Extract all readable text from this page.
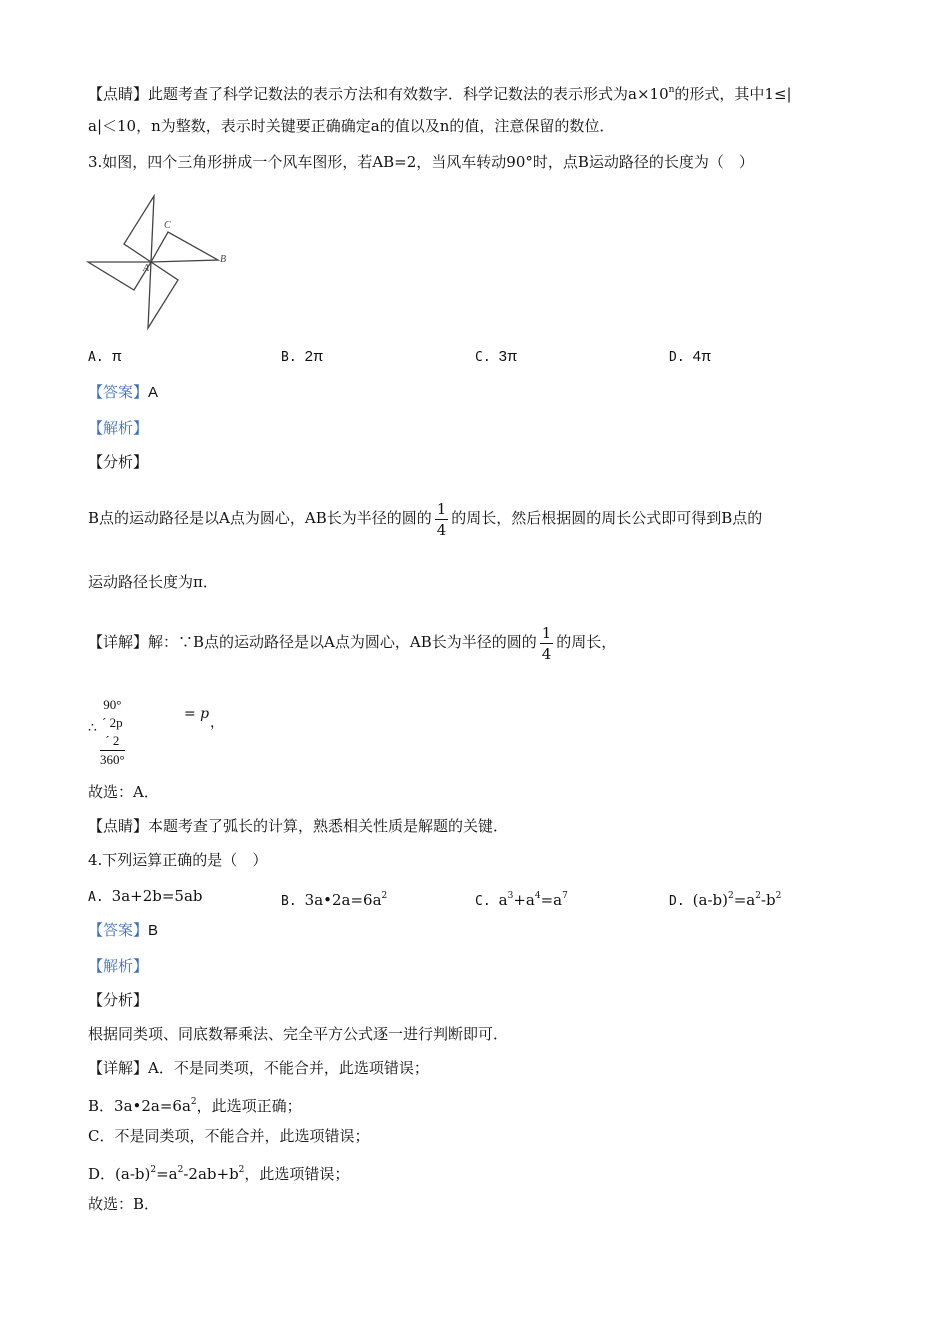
【点睛】此题考查了科学记数法的表示方法和有效数字．科学记数法的表示形式为$a\times 10^n$的形式，其中1≤|
a|＜10，n为整数，表示时关键要正确确定a的值以及n的值，注意保留的数位．
3.如图，四个三角形拼成一个风车图形，若AB=2，当风车转动90°时，点B运动路径的长度为（　）
A
B
C
A. π	B. 2π	C. 3π	D. 4π
【答案】A
【解析】
【分析】
B点的运动路径是以A点为圆心，AB长为半径的圆的 $\frac{1}{4}$ 的周长，然后根据圆的周长公式即可得到B点的
运动路径长度为π．
【详解】解：∵B点的运动路径是以A点为圆心，AB长为半径的圆的 $\frac{1}{4}$ 的周长，
∴ $\frac{90^\circ´ 2p´ 2}{360^\circ}$	= p
，
故选：A．
【点睛】本题考查了弧长的计算，熟悉相关性质是解题的关键．
4.下列运算正确的是（　）
A. 3a+2b=5ab	B. $3a•2a=6a^2$	C. $a^3+a^4=a^7$	D. $(a-b)^2=a^2-b^2$
【答案】B
【解析】
【分析】
根据同类项、同底数幂乘法、完全平方公式逐一进行判断即可．
【详解】A．不是同类项，不能合并，此选项错误；
B．$3a•2a=6a^2$，此选项正确；
C．不是同类项，不能合并，此选项错误；
D．$(a-b)^2=a^2-2ab+b^2$，此选项错误；
故选：B．
